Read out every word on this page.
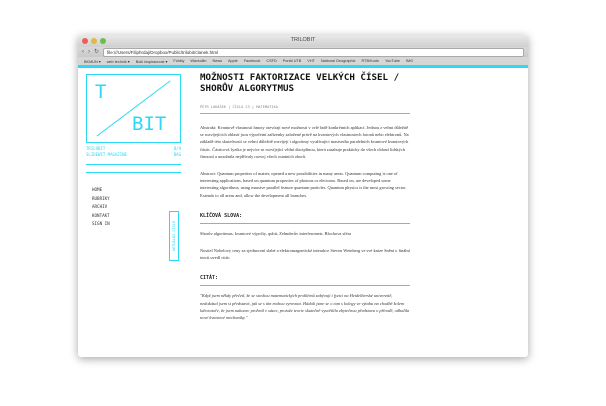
TRILOBIT
‹ › ↻	file:///Users/Filiphrdaj/Dropbox/Public/trilobit/clanek.html
BKMUN ▾ web technik ▾ Bulk inspiracnost ▾ Fcbkly Wavsollin News Apple Facebook CSFD Portál UTB VHT National Geographic RTB/Kodn YouTube IMG
T
BIT
TRILOBIT	8/9
SLIDEWIT MAGAZINE	BAG
HOME
RUBRIKY
ARCHIV
KONTAKT
SIGN IN	AKTUÁLNÍ ČÍSLO
MOŽNOSTI FAKTORIZACE VELKÝCH ČÍSEL / SHORŮV ALGORYTMUS
PETR LUKÁŠEK | ČÍSLO 23 | MATEMATIKA
Abstrakt: Kvantově vlastnosti hmoty otevírají nové možnosti v celé řadě konkrétních aplikací. Jednou z velmi důležitě se rozvíjejících oblastí jsou výpočetní zařízenky založené právě na kvantových vlastnostech fotonů nebo elektronů. Na základě této skutečnosti se velmi důležitě rozvíjejí i algoritmy využívající masivního paralelních kvantové kvantových částic. Částicová fyzika je nejvíce se rozvíjející vědní disciplínou, která zasahuje prakticky do všech oblastí lidských činností a umožnila nejdřívaly rozvoj všech ostatních oborů.
Abstract: Quantum properties of matter, opened a new possibilities in many areas. Quantum computing is one of interesting applications, based on quantum properties of photons or electrons. Based on, are developed some interesting algorithms, using massive parallel feature quantum particles. Quantum physics is the most growing sector. Extends to all areas and, allow the development all branches.
KLÍČOVÁ SLOVA:
Shorův algoritmus, kvantové výpočty, qubit, Zehnderův interferometr, Blochova sféra
Nositel Nobelovy ceny za sjednocení slabé a elektromagnetické interakce Steven Weinberg ve své knize Snění o finální teorii uvedl citát:
CITÁT:
"Když jsem někdy přečetl, že se stovkou matematických problémů zabývají i fyzici na Heidelberské univerzitě, nedokázal jsem si představit, jak se s tím mohou vyrovnat. Hádali jsme se o tom s kolegy ve výtahu na chodbě kolem laboratoře, že jsem nakonec prohrál v sázce, protože teorie skutečně vysvětlila zbytečnou představu o přírodě, odhalila nové kvantové mechaniky."
